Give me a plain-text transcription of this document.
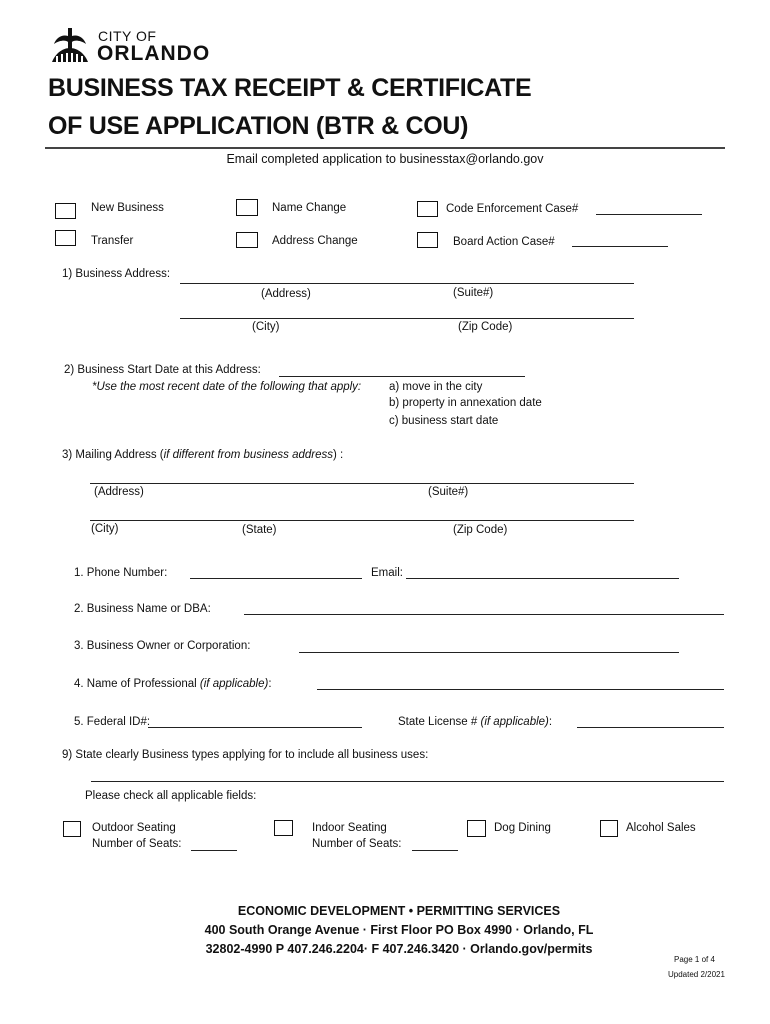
CITY OF
ORLANDO
BUSINESS TAX RECEIPT & CERTIFICATE
OF USE APPLICATION (BTR & COU)
Email completed application to businesstax@orlando.gov
New Business	Name Change	Code Enforcement Case#
Transfer	Address Change	Board Action Case#
1) Business Address:
(Address)	(Suite#)
(City)	(Zip Code)
2) Business Start Date at this Address:
*Use the most recent date of the following that apply: a) move in the city
b) property in annexation date
c) business start date
3) Mailing Address (if different from business address) :
(Address)	(Suite#)
(City)	(State)	(Zip Code)
1. Phone Number:	Email:
2. Business Name or DBA:
3. Business Owner or Corporation:
4. Name of Professional (if applicable):
5. Federal ID#:	State License # (if applicable):
9) State clearly Business types applying for to include all business uses:
Please check all applicable fields:
Outdoor Seating
Number of Seats:
Indoor Seating
Number of Seats:
Dog Dining	Alcohol Sales
ECONOMIC DEVELOPMENT • PERMITTING SERVICES
400 South Orange Avenue · First Floor PO Box 4990 · Orlando, FL
32802-4990 P 407.246.2204· F 407.246.3420 · Orlando.gov/permits
Page 1 of 4
Updated 2/2021
